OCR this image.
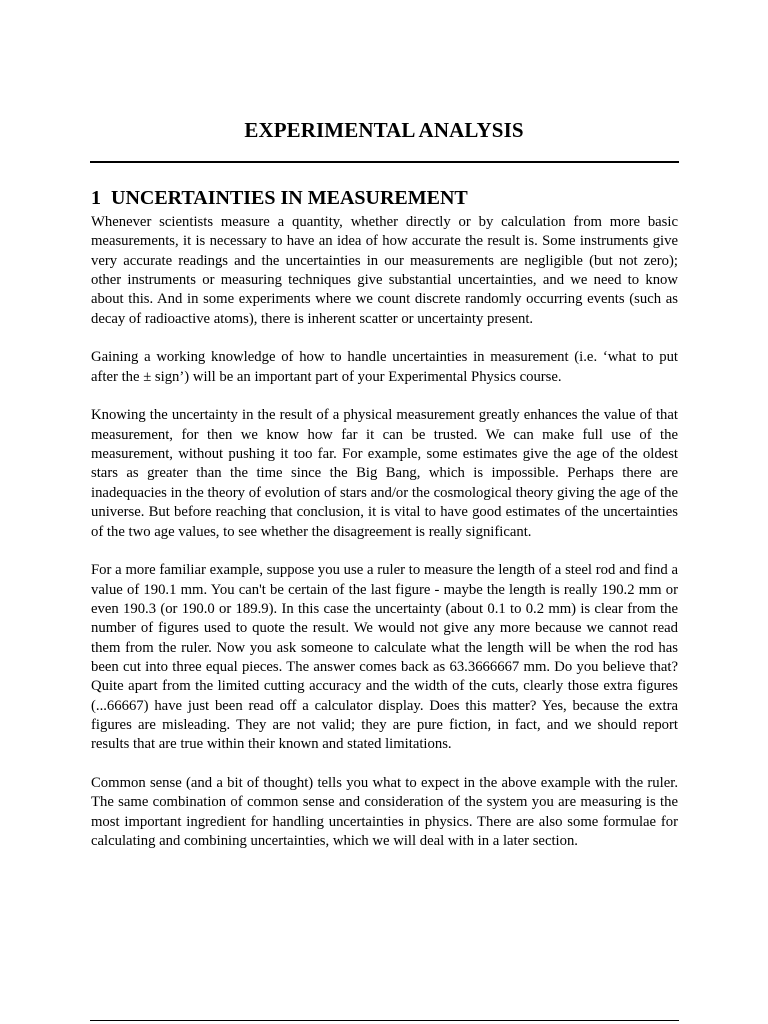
EXPERIMENTAL ANALYSIS
1 UNCERTAINTIES IN MEASUREMENT

Whenever scientists measure a quantity, whether directly or by calculation from more basic measurements, it is necessary to have an idea of how accurate the result is. Some instruments give very accurate readings and the uncertainties in our measurements are negligible (but not zero); other instruments or measuring techniques give substantial uncertainties, and we need to know about this. And in some experiments where we count discrete randomly occurring events (such as decay of radioactive atoms), there is inherent scatter or uncertainty present.

Gaining a working knowledge of how to handle uncertainties in measurement (i.e. ‘what to put after the ± sign’) will be an important part of your Experimental Physics course.

Knowing the uncertainty in the result of a physical measurement greatly enhances the value of that measurement, for then we know how far it can be trusted. We can make full use of the measurement, without pushing it too far. For example, some estimates give the age of the oldest stars as greater than the time since the Big Bang, which is impossible. Perhaps there are inadequacies in the theory of evolution of stars and/or the cosmological theory giving the age of the universe. But before reaching that conclusion, it is vital to have good estimates of the uncertainties of the two age values, to see whether the disagreement is really significant.

For a more familiar example, suppose you use a ruler to measure the length of a steel rod and find a value of 190.1 mm. You can't be certain of the last figure - maybe the length is really 190.2 mm or even 190.3 (or 190.0 or 189.9). In this case the uncertainty (about 0.1 to 0.2 mm) is clear from the number of figures used to quote the result. We would not give any more because we cannot read them from the ruler. Now you ask someone to calculate what the length will be when the rod has been cut into three equal pieces. The answer comes back as 63.3666667 mm. Do you believe that? Quite apart from the limited cutting accuracy and the width of the cuts, clearly those extra figures (...66667) have just been read off a calculator display. Does this matter? Yes, because the extra figures are misleading. They are not valid; they are pure fiction, in fact, and we should report results that are true within their known and stated limitations.

Common sense (and a bit of thought) tells you what to expect in the above example with the ruler. The same combination of common sense and consideration of the system you are measuring is the most important ingredient for handling uncertainties in physics. There are also some formulae for calculating and combining uncertainties, which we will deal with in a later section.
